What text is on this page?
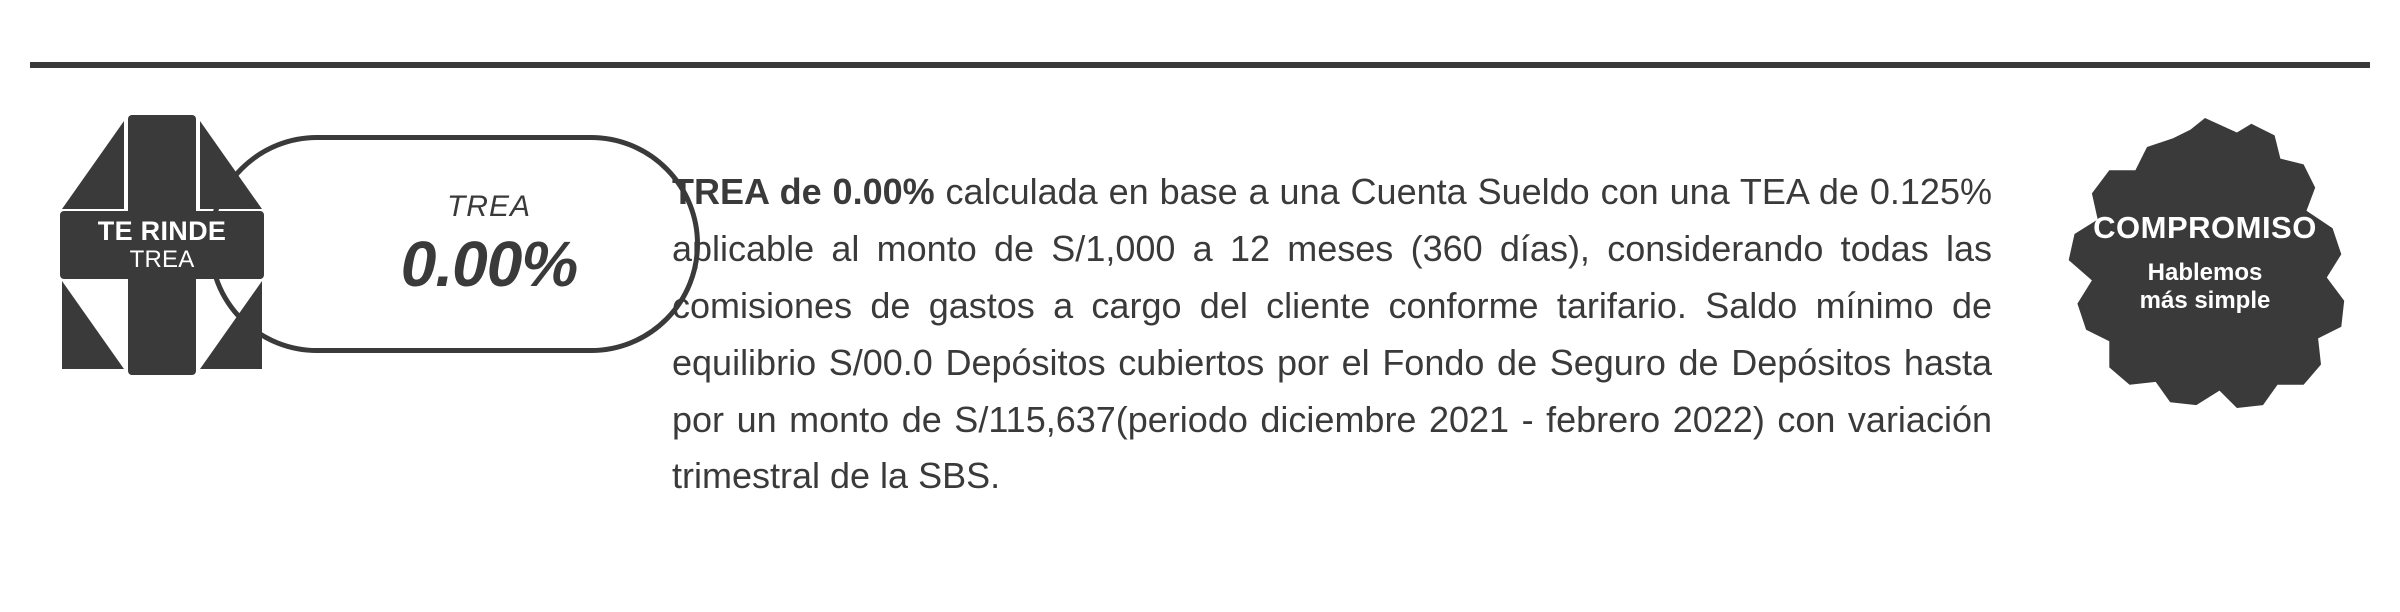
TREA
0.00%
TE RINDE
TREA

TREA de 0.00% calculada en base a una Cuenta Sueldo con una TEA de 0.125% aplicable al monto de S/1,000 a 12 meses (360 días), considerando todas las comisiones de gastos a cargo del cliente conforme tarifario. Saldo mínimo de equilibrio S/00.0 Depósitos cubiertos por el Fondo de Seguro de Depósitos hasta por un monto de S/115,637(periodo diciembre 2021 - febrero 2022) con variación trimestral de la SBS.

COMPROMISO
Hablemos
más simple
